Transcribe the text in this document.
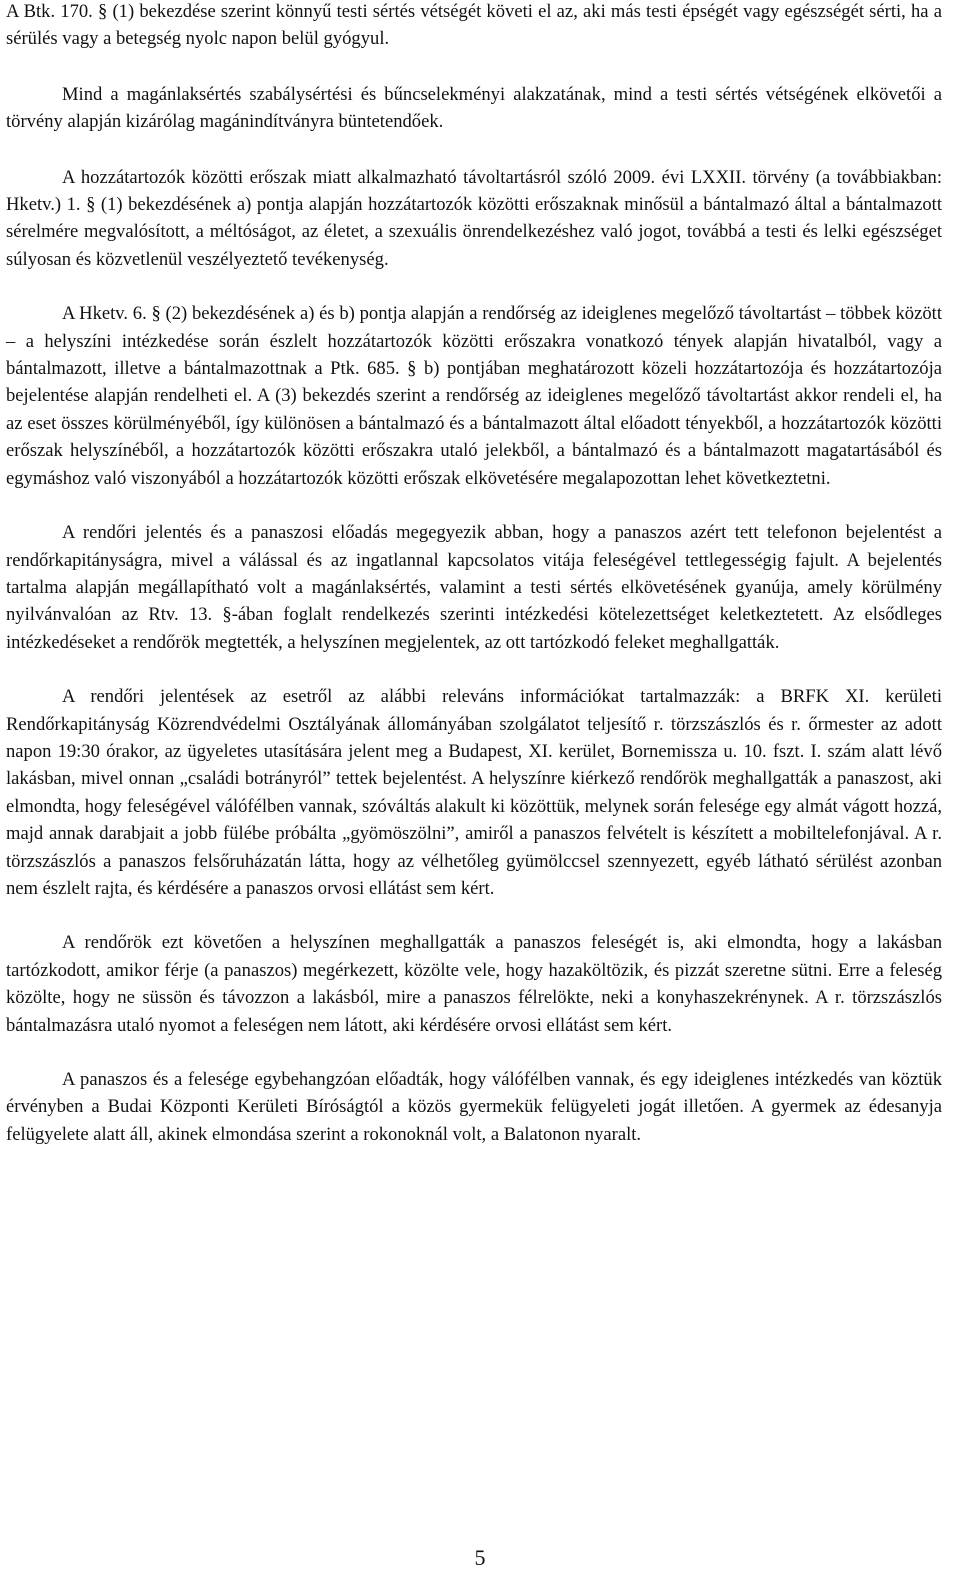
A Btk. 170. § (1) bekezdése szerint könnyű testi sértés vétségét követi el az, aki más testi épségét vagy egészségét sérti, ha a sérülés vagy a betegség nyolc napon belül gyógyul.

Mind a magánlaksértés szabálysértési és bűncselekményi alakzatának, mind a testi sértés vétségének elkövetői a törvény alapján kizárólag magánindítványra büntetendőek.

A hozzátartozók közötti erőszak miatt alkalmazható távoltartásról szóló 2009. évi LXXII. törvény (a továbbiakban: Hketv.) 1. § (1) bekezdésének a) pontja alapján hozzátartozók közötti erőszaknak minősül a bántalmazó által a bántalmazott sérelmére megvalósított, a méltóságot, az életet, a szexuális önrendelkezéshez való jogot, továbbá a testi és lelki egészséget súlyosan és közvetlenül veszélyeztető tevékenység.

A Hketv. 6. § (2) bekezdésének a) és b) pontja alapján a rendőrség az ideiglenes megelőző távoltartást – többek között – a helyszíni intézkedése során észlelt hozzátartozók közötti erőszakra vonatkozó tények alapján hivatalból, vagy a bántalmazott, illetve a bántalmazottnak a Ptk. 685. § b) pontjában meghatározott közeli hozzátartozója és hozzátartozója bejelentése alapján rendelheti el. A (3) bekezdés szerint a rendőrség az ideiglenes megelőző távoltartást akkor rendeli el, ha az eset összes körülményéből, így különösen a bántalmazó és a bántalmazott által előadott tényekből, a hozzátartozók közötti erőszak helyszínéből, a hozzátartozók közötti erőszakra utaló jelekből, a bántalmazó és a bántalmazott magatartásából és egymáshoz való viszonyából a hozzátartozók közötti erőszak elkövetésére megalapozottan lehet következtetni.

A rendőri jelentés és a panaszosi előadás megegyezik abban, hogy a panaszos azért tett telefonon bejelentést a rendőrkapitányságra, mivel a válással és az ingatlannal kapcsolatos vitája feleségével tettlegességig fajult. A bejelentés tartalma alapján megállapítható volt a magánlaksértés, valamint a testi sértés elkövetésének gyanúja, amely körülmény nyilvánvalóan az Rtv. 13. §-ában foglalt rendelkezés szerinti intézkedési kötelezettséget keletkeztetett. Az elsődleges intézkedéseket a rendőrök megtették, a helyszínen megjelentek, az ott tartózkodó feleket meghallgatták.

A rendőri jelentések az esetről az alábbi releváns információkat tartalmazzák: a BRFK XI. kerületi Rendőrkapitányság Közrendvédelmi Osztályának állományában szolgálatot teljesítő r. törzszászlós és r. őrmester az adott napon 19:30 órakor, az ügyeletes utasítására jelent meg a Budapest, XI. kerület, Bornemissza u. 10. fszt. I. szám alatt lévő lakásban, mivel onnan „családi botrányról” tettek bejelentést. A helyszínre kiérkező rendőrök meghallgatták a panaszost, aki elmondta, hogy feleségével válófélben vannak, szóváltás alakult ki közöttük, melynek során felesége egy almát vágott hozzá, majd annak darabjait a jobb fülébe próbálta „gyömöszölni”, amiről a panaszos felvételt is készített a mobiltelefonjával. A r. törzszászlós a panaszos felsőruházatán látta, hogy az vélhetőleg gyümölccsel szennyezett, egyéb látható sérülést azonban nem észlelt rajta, és kérdésére a panaszos orvosi ellátást sem kért.

A rendőrök ezt követően a helyszínen meghallgatták a panaszos feleségét is, aki elmondta, hogy a lakásban tartózkodott, amikor férje (a panaszos) megérkezett, közölte vele, hogy hazaköltözik, és pizzát szeretne sütni. Erre a feleség közölte, hogy ne süssön és távozzon a lakásból, mire a panaszos félrelökte, neki a konyhaszekrénynek. A r. törzszászlós bántalmazásra utaló nyomot a feleségen nem látott, aki kérdésére orvosi ellátást sem kért.

A panaszos és a felesége egybehangzóan előadták, hogy válófélben vannak, és egy ideiglenes intézkedés van köztük érvényben a Budai Központi Kerületi Bíróságtól a közös gyermekük felügyeleti jogát illetően. A gyermek az édesanyja felügyelete alatt áll, akinek elmondása szerint a rokonoknál volt, a Balatonon nyaralt.

5
